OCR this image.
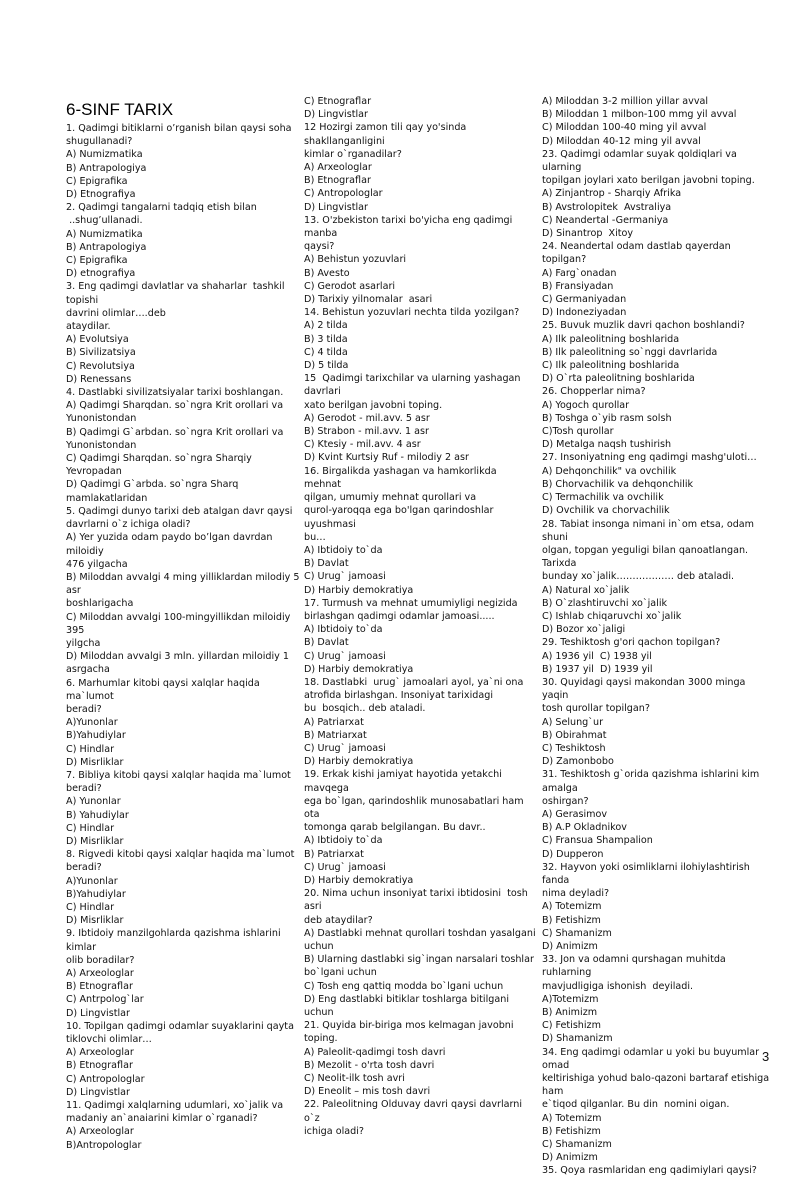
6-SINF TARIX
1. Qadimgi bitiklarni o’rganish bilan qaysi soha
shugullanadi?
A) Numizmatika
B) Antrapologiya
C) Epigrafika
D) Etnografiya
2. Qadimgi tangalarni tadqiq etish bilan
..shug’ullanadi.
A) Numizmatika
B) Antrapologiya
C) Epigrafika
D) etnografiya
3. Eng qadimgi davlatlar va shaharlar  tashkil  topishi
davrini olimlar….deb
ataydilar.
A) Evolutsiya
B) Sivilizatsiya
C) Revolutsiya
D) Renessans
4. Dastlabki sivilizatsiyalar tarixi boshlangan.
A) Qadimgi Sharqdan. so`ngra Krit orollari va
Yunonistondan
B) Qadimgi G`arbdan. so`ngra Krit orollari va
Yunonistondan
C) Qadimgi Sharqdan. so`ngra Sharqiy Yevropadan
D) Qadimgi G`arbda. so`ngra Sharq mamlakatlaridan
5. Qadimgi dunyo tarixi deb atalgan davr qaysi
davrlarni o`z ichiga oladi?
A) Yer yuzida odam paydo bo’lgan davrdan miloidiy
476 yilgacha
B) Miloddan avvalgi 4 ming yilliklardan milodiy 5 asr
boshlarigacha
C) Miloddan avvalgi 100-mingyillikdan miloidiy 395
yilgcha
D) Miloddan avvalgi 3 mln. yillardan miloidiy 1
asrgacha
6. Marhumlar kitobi qaysi xalqlar haqida ma`lumot
beradi?
A)Yunonlar
B)Yahudiylar
C) Hindlar
D) Misrliklar
7. Bibliya kitobi qaysi xalqlar haqida ma`lumot
beradi?
A) Yunonlar
B) Yahudiylar
C) Hindlar
D) Misrliklar
8. Rigvedi kitobi qaysi xalqlar haqida ma`lumot
beradi?
A)Yunonlar
B)Yahudiylar
C) Hindlar
D) Misrliklar
9. Ibtidoiy manzilgohlarda qazishma ishlarini kimlar
olib boradilar?
A) Arxeologlar
B) Etnograflar
C) Antrpolog`lar
D) Lingvistlar
10. Topilgan qadimgi odamlar suyaklarini qayta
tiklovchi olimlar…
A) Arxeologlar
B) Etnograflar
C) Antropologlar
D) Lingvistlar
11. Qadimgi xalqlarning udumlari, xo`jalik va
madaniy an`anaiarini kimlar o`rganadi?
A) Arxeologlar
B)Antropologlar
C) Etnograflar
D) Lingvistlar
12 Hozirgi zamon tili qay yo'sinda shakllanganligini
kimlar o`rganadilar?
A) Arxeologlar
B) Etnograflar
C) Antropologlar
D) Lingvistlar
13. O'zbekiston tarixi bo'yicha eng qadimgi manba
qaysi?
A) Behistun yozuvlari
B) Avesto
C) Gerodot asarlari
D) Tarixiy yilnomalar  asari
14. Behistun yozuvlari nechta tilda yozilgan?
A) 2 tilda
B) 3 tilda
C) 4 tilda
D) 5 tilda
15  Qadimgi tarixchilar va ularning yashagan davrlari
xato berilgan javobni toping.
A) Gerodot - mil.avv. 5 asr
B) Strabon - mil.avv. 1 asr
C) Ktesiy - mil.avv. 4 asr
D) Kvint Kurtsiy Ruf - milodiy 2 asr
16. Birgalikda yashagan va hamkorlikda mehnat
qilgan, umumiy mehnat qurollari va
qurol-yaroqqa ega bo'lgan qarindoshlar uyushmasi
bu…
A) Ibtidoiy to`da
B) Davlat
C) Urug` jamoasi
D) Harbiy demokratiya
17. Turmush va mehnat umumiyligi negizida
birlashgan qadimgi odamlar jamoasi.....
A) Ibtidoiy to`da
B) Davlat
C) Urug` jamoasi
D) Harbiy demokratiya
18. Dastlabki  urug` jamoalari ayol, ya`ni ona
atrofida birlashgan. Insoniyat tarixidagi
bu  bosqich.. deb ataladi.
A) Patriarxat
B) Matriarxat
C) Urug` jamoasi
D) Harbiy demokratiya
19. Erkak kishi jamiyat hayotida yetakchi mavqega
ega bo`lgan, qarindoshlik munosabatlari ham ota
tomonga qarab belgilangan. Bu davr..
A) Ibtidoiy to`da
B) Patriarxat
C) Urug` jamoasi
D) Harbiy demokratiya
20. Nima uchun insoniyat tarixi ibtidosini  tosh asri
deb ataydilar?
A) Dastlabki mehnat qurollari toshdan yasalgani
uchun
B) Ularning dastlabki sig`ingan narsalari toshlar
bo`lgani uchun
C) Tosh eng qattiq modda bo`lgani uchun
D) Eng dastlabki bitiklar toshlarga bitilgani uchun
21. Quyida bir-biriga mos kelmagan javobni toping.
A) Paleolit-qadimgi tosh davri
B) Mezolit - o'rta tosh davri
C) Neolit-ilk tosh avri
D) Eneolit – mis tosh davri
22. Paleolitning Olduvay davri qaysi davrlarni o`z
ichiga oladi?
A) Miloddan 3-2 million yillar avval
B) Miloddan 1 milbon-100 mmg yil avval
C) Miloddan 100-40 ming yil avval
D) Miloddan 40-12 ming yil avval
23. Qadimgi odamlar suyak qoldiqlari va ularning
topilgan joylari xato berilgan javobni toping.
A) Zinjantrop - Sharqiy Afrika
B) Avstrolopitek  Avstraliya
C) Neandertal -Germaniya
D) Sinantrop  Xitoy
24. Neandertal odam dastlab qayerdan topilgan?
A) Farg`onadan
B) Fransiyadan
C) Germaniyadan
D) Indoneziyadan
25. Buvuk muzlik davri qachon boshlandi?
A) Ilk paleolitning boshlarida
B) Ilk paleolitning so`nggi davrlarida
C) Ilk paleolitning boshlarida
D) O`rta paleolitning boshlarida
26. Chopperlar nima?
A) Yogoch qurollar
B) Toshga o`yib rasm solsh
C)Tosh qurollar
D) Metalga naqsh tushirish
27. Insoniyatning eng qadimgi mashg'uloti…
A) Dehqonchilik" va ovchilik
B) Chorvachilik va dehqonchilik
C) Termachilik va ovchilik
D) Ovchilik va chorvachilik
28. Tabiat insonga nimani in`om etsa, odam shuni
olgan, topgan yeguligi bilan qanoatlangan. Tarixda
bunday xo`jalik……………… deb ataladi.
A) Natural xo`jalik
B) O`zlashtiruvchi xo`jalik
C) Ishlab chiqaruvchi xo`jalik
D) Bozor xo`jaligi
29. Teshiktosh g'ori qachon topilgan?
A) 1936 yil  C) 1938 yil
B) 1937 yil  D) 1939 yil
30. Quyidagi qaysi makondan 3000 minga yaqin
tosh qurollar topilgan?
A) Selung`ur
B) Obirahmat
C) Teshiktosh
D) Zamonbobo
31. Teshiktosh g`orida qazishma ishlarini kim amalga
oshirgan?
A) Gerasimov
B) A.P Okladnikov
C) Fransua Shampalion
D) Dupperon
32. Hayvon yoki osimliklarni ilohiylashtirish fanda
nima deyladi?
A) Totemizm
B) Fetishizm
C) Shamanizm
D) Animizm
33. Jon va odamni qurshagan muhitda ruhlarning
mavjudligiga ishonish  deyiladi.
A)Totemizm
B) Animizm
C) Fetishizm
D) Shamanizm
34. Eng qadimgi odamlar u yoki bu buyumlar omad
keltirishiga yohud balo-qazoni bartaraf etishiga ham
e`tiqod qilganlar. Bu din  nomini oigan.
A) Totemizm
B) Fetishizm
C) Shamanizm
D) Animizm
35. Qoya rasmlaridan eng qadimiylari qaysi?
3
